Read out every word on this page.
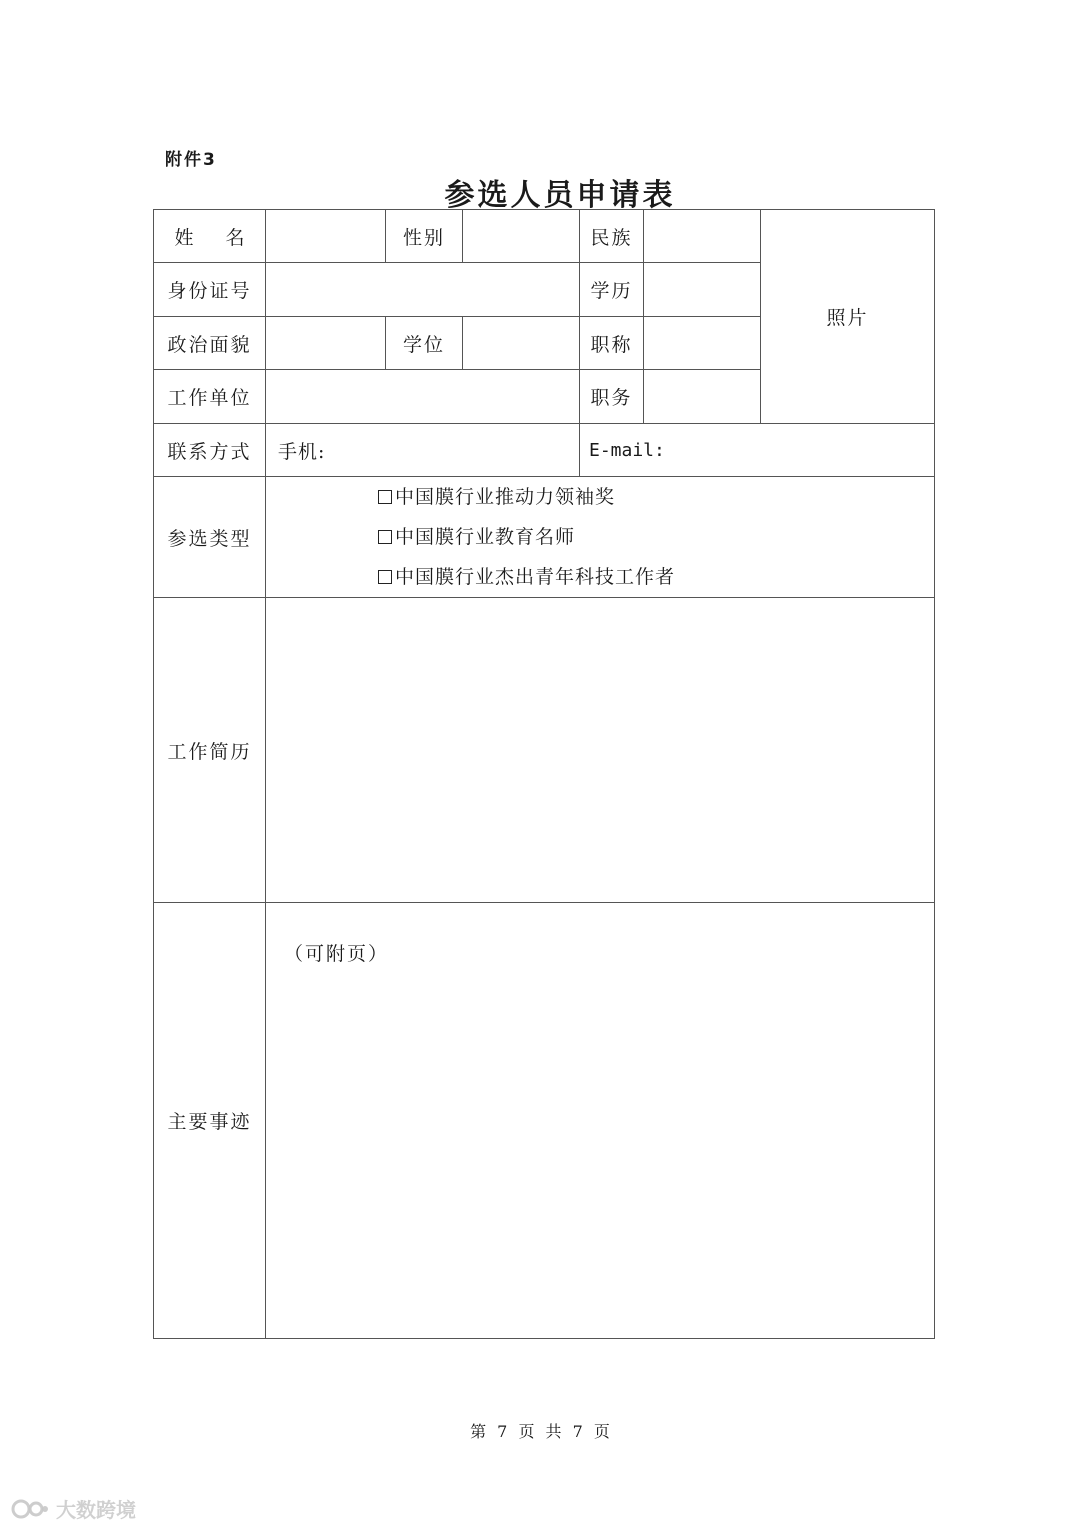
附件3
参选人员申请表
姓 名		性别		民族		照片
身份证号				学历		
政治面貌		学位		职称		
工作单位				职务		
联系方式	手机:			E-mail:		
参选类型	中国膜行业推动力领袖奖
中国膜行业教育名师
中国膜行业杰出青年科技工作者					

工作简历						
主要事迹	（可附页）					
第 7 页 共 7 页
大数跨境
